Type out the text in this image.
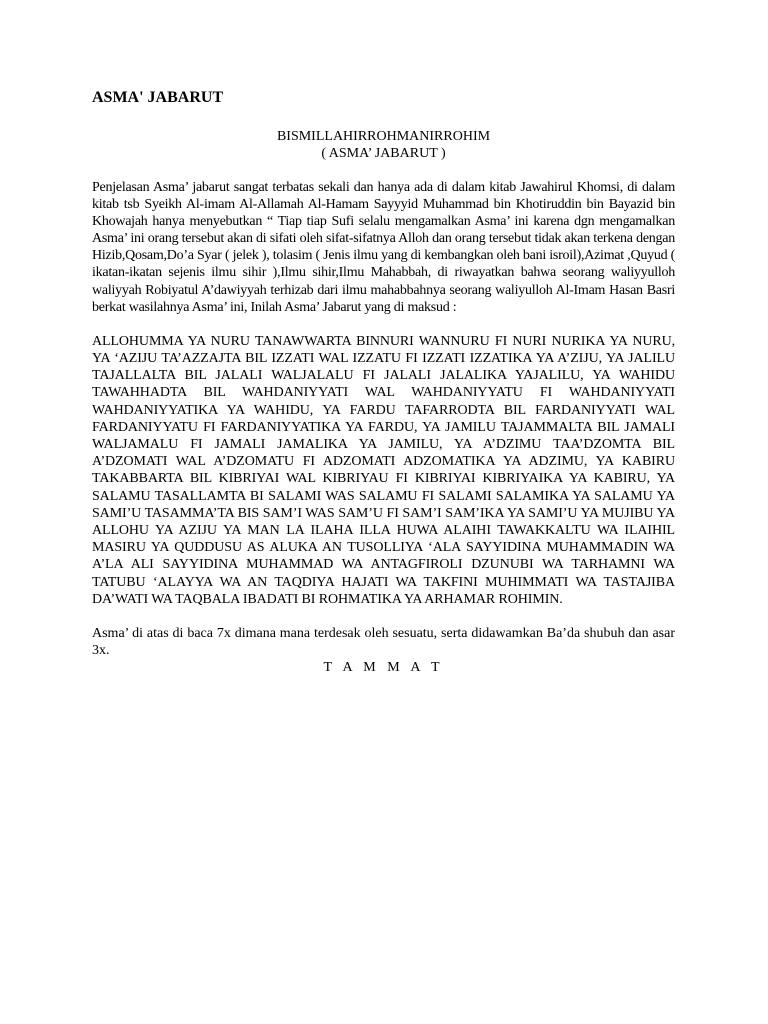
ASMA' JABARUT

BISMILLAHIRROHMANIRROHIM

( ASMA’ JABARUT )

Penjelasan Asma’ jabarut sangat terbatas sekali dan hanya ada di dalam kitab Jawahirul Khomsi, di dalam kitab tsb Syeikh Al-imam Al-Allamah Al-Hamam Sayyyid Muhammad bin Khotiruddin bin Bayazid bin Khowajah hanya menyebutkan “ Tiap tiap Sufi selalu mengamalkan Asma’ ini karena dgn mengamalkan Asma’ ini orang tersebut akan di sifati oleh sifat-sifatnya Alloh dan orang tersebut tidak akan terkena dengan Hizib,Qosam,Do’a Syar ( jelek ), tolasim ( Jenis ilmu yang di kembangkan oleh bani isroil),Azimat ,Quyud ( ikatan-ikatan sejenis ilmu sihir ),Ilmu sihir,Ilmu Mahabbah, di riwayatkan bahwa seorang waliyyulloh waliyyah Robiyatul A’dawiyyah terhizab dari ilmu mahabbahnya seorang waliyulloh Al-Imam Hasan Basri berkat wasilahnya Asma’ ini, Inilah Asma’ Jabarut yang di maksud :

ALLOHUMMA YA NURU TANAWWARTA BINNURI WANNURU FI NURI NURIKA YA NURU, YA ‘AZIJU TA’AZZAJTA BIL IZZATI WAL IZZATU FI IZZATI IZZATIKA YA A’ZIJU, YA JALILU TAJALLALTA BIL JALALI WALJALALU FI JALALI JALALIKA YAJALILU, YA WAHIDU TAWAHHADTA BIL WAHDANIYYATI WAL WAHDANIYYATU FI WAHDANIYYATI WAHDANIYYATIKA YA WAHIDU, YA FARDU TAFARRODTA BIL FARDANIYYATI WAL FARDANIYYATU FI FARDANIYYATIKA YA FARDU, YA JAMILU TAJAMMALTA BIL JAMALI WALJAMALU FI JAMALI JAMALIKA YA JAMILU, YA A’DZIMU TAA’DZOMTA BIL A’DZOMATI WAL A’DZOMATU FI ADZOMATI ADZOMATIKA YA ADZIMU, YA KABIRU TAKABBARTA BIL KIBRIYAI WAL KIBRIYAU FI KIBRIYAI KIBRIYAIKA YA KABIRU, YA SALAMU TASALLAMTA BI SALAMI WAS SALAMU FI SALAMI SALAMIKA YA SALAMU YA SAMI’U TASAMMA’TA BIS SAM’I WAS SAM’U FI SAM’I SAM’IKA YA SAMI’U YA MUJIBU YA ALLOHU YA AZIJU YA MAN LA ILAHA ILLA HUWA ALAIHI TAWAKKALTU WA ILAIHIL MASIRU YA QUDDUSU AS ALUKA AN TUSOLLIYA ‘ALA SAYYIDINA MUHAMMADIN WA A’LA ALI SAYYIDINA MUHAMMAD WA ANTAGFIROLI DZUNUBI WA TARHAMNI WA TATUBU ‘ALAYYA WA AN TAQDIYA HAJATI WA TAKFINI MUHIMMATI WA TASTAJIBA DA’WATI WA TAQBALA IBADATI BI ROHMATIKA YA ARHAMAR ROHIMIN.

Asma’ di atas di baca 7x dimana mana terdesak oleh sesuatu, serta didawamkan Ba’da shubuh dan asar 3x.

T A M M A T
